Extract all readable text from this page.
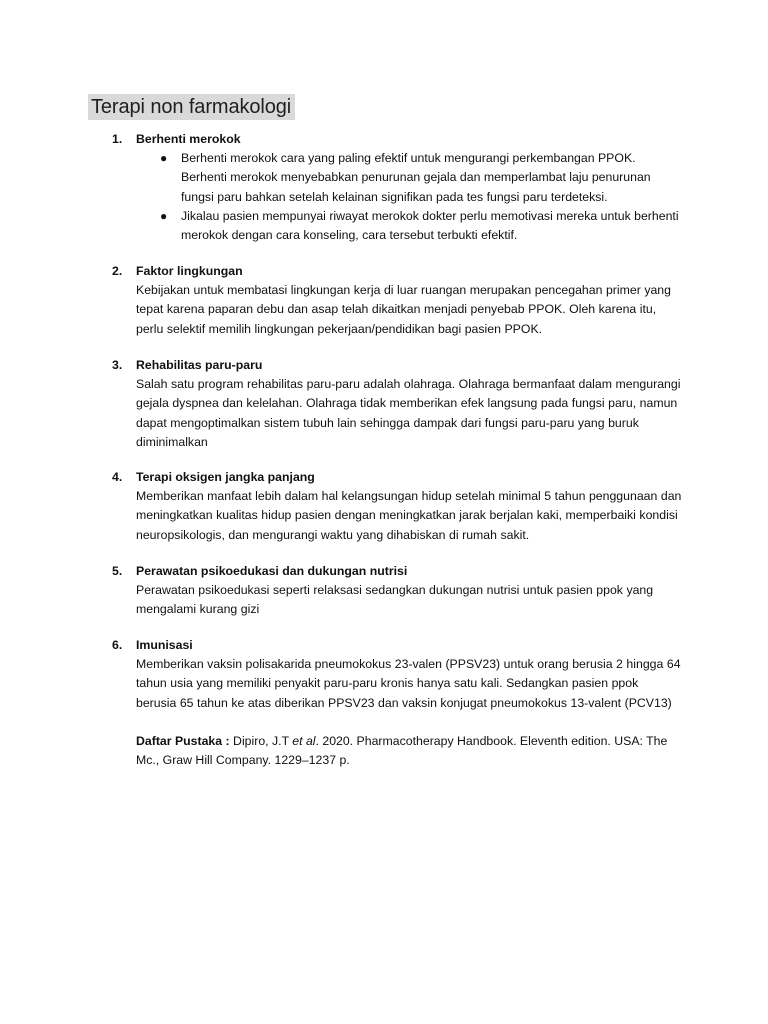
Terapi non farmakologi
1.	Berhenti merokok
● Berhenti merokok cara yang paling efektif untuk mengurangi perkembangan PPOK. Berhenti merokok menyebabkan penurunan gejala dan memperlambat laju penurunan fungsi paru bahkan setelah kelainan signifikan pada tes fungsi paru terdeteksi.
● Jikalau pasien mempunyai riwayat merokok dokter perlu memotivasi mereka untuk berhenti merokok dengan cara konseling, cara tersebut terbukti efektif.
2.	Faktor lingkungan
Kebijakan untuk membatasi lingkungan kerja di luar ruangan merupakan pencegahan primer yang tepat karena paparan debu dan asap telah dikaitkan menjadi penyebab PPOK. Oleh karena itu, perlu selektif memilih lingkungan pekerjaan/pendidikan bagi pasien PPOK.
3.	Rehabilitas paru-paru
Salah satu program rehabilitas paru-paru adalah olahraga. Olahraga bermanfaat dalam mengurangi gejala dyspnea dan kelelahan. Olahraga tidak memberikan efek langsung pada fungsi paru, namun dapat mengoptimalkan sistem tubuh lain sehingga dampak dari fungsi paru-paru yang buruk diminimalkan
4.	Terapi oksigen jangka panjang
Memberikan manfaat lebih dalam hal kelangsungan hidup setelah minimal 5 tahun penggunaan dan meningkatkan kualitas hidup pasien dengan meningkatkan jarak berjalan kaki, memperbaiki kondisi neuropsikologis, dan mengurangi waktu yang dihabiskan di rumah sakit.
5.	Perawatan psikoedukasi dan dukungan nutrisi
Perawatan psikoedukasi seperti relaksasi sedangkan dukungan nutrisi untuk pasien ppok yang mengalami kurang gizi
6.	Imunisasi
Memberikan vaksin polisakarida pneumokokus 23-valen (PPSV23) untuk orang berusia 2 hingga 64 tahun usia yang memiliki penyakit paru-paru kronis hanya satu kali. Sedangkan pasien ppok berusia 65 tahun ke atas diberikan PPSV23 dan vaksin konjugat pneumokokus 13-valent (PCV13)
Daftar Pustaka : Dipiro, J.T et al. 2020. Pharmacotherapy Handbook. Eleventh edition. USA: The Mc., Graw Hill Company. 1229–1237 p.
